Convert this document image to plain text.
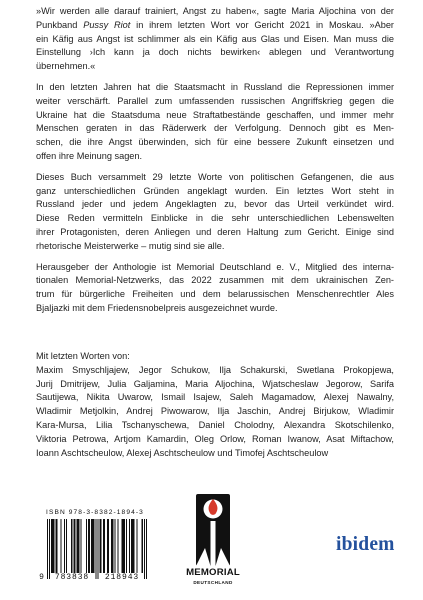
»Wir werden alle darauf trainiert, Angst zu haben«, sagte Maria Aljochina von der
Punkband Pussy Riot in ihrem letzten Wort vor Gericht 2021 in Moskau. »Aber
ein Käfig aus Angst ist schlimmer als ein Käfig aus Glas und Eisen. Man muss die
Einstellung ›Ich kann ja doch nichts bewirken‹ ablegen und Verantwortung
übernehmen.«
In den letzten Jahren hat die Staatsmacht in Russland die Repressionen immer
weiter verschärft. Parallel zum umfassenden russischen Angriffskrieg gegen die
Ukraine hat die Staatsduma neue Straftatbestände geschaffen, und immer mehr
Menschen geraten in das Räderwerk der Verfolgung. Dennoch gibt es Men-
schen, die ihre Angst überwinden, sich für eine bessere Zukunft einsetzen und
offen ihre Meinung sagen.
Dieses Buch versammelt 29 letzte Worte von politischen Gefangenen, die aus
ganz unterschiedlichen Gründen angeklagt wurden. Ein letztes Wort steht in
Russland jeder und jedem Angeklagten zu, bevor das Urteil verkündet wird.
Diese Reden vermitteln Einblicke in die sehr unterschiedlichen Lebenswelten
ihrer Protagonisten, deren Anliegen und deren Haltung zum Gericht. Einige sind
rhetorische Meisterwerke – mutig sind sie alle.
Herausgeber der Anthologie ist Memorial Deutschland e. V., Mitglied des interna-
tionalen Memorial-Netzwerks, das 2022 zusammen mit dem ukrainischen Zen-
trum für bürgerliche Freiheiten und dem belarussischen Menschenrechtler Ales
Bjaljazki mit dem Friedensnobelpreis ausgezeichnet wurde.
Mit letzten Worten von:
Maxim Smyschljajew, Jegor Schukow, Ilja Schakurski, Swetlana Prokopjewa,
Jurij Dmitrijew, Julia Galjamina, Maria Aljochina, Wjatscheslaw Jegorow, Sarifa
Sautijewa, Nikita Uwarow, Ismail Isajew, Saleh Magamadow, Alexej Nawalny,
Wladimir Metjolkin, Andrej Piwowarow, Ilja Jaschin, Andrej Birjukow, Wladimir
Kara-Mursa, Lilia Tschanyschewa, Daniel Cholodny, Alexandra Skotschilenko,
Viktoria Petrowa, Artjom Kamardin, Oleg Orlow, Roman Iwanow, Asat Miftachow,
Ioann Aschtscheulow, Alexej Aschtscheulow und Timofej Aschtscheulow
ISBN 978-3-8382-1894-3
9	783838	218943	MEMORIAL
DEUTSCHLAND
ibidem
